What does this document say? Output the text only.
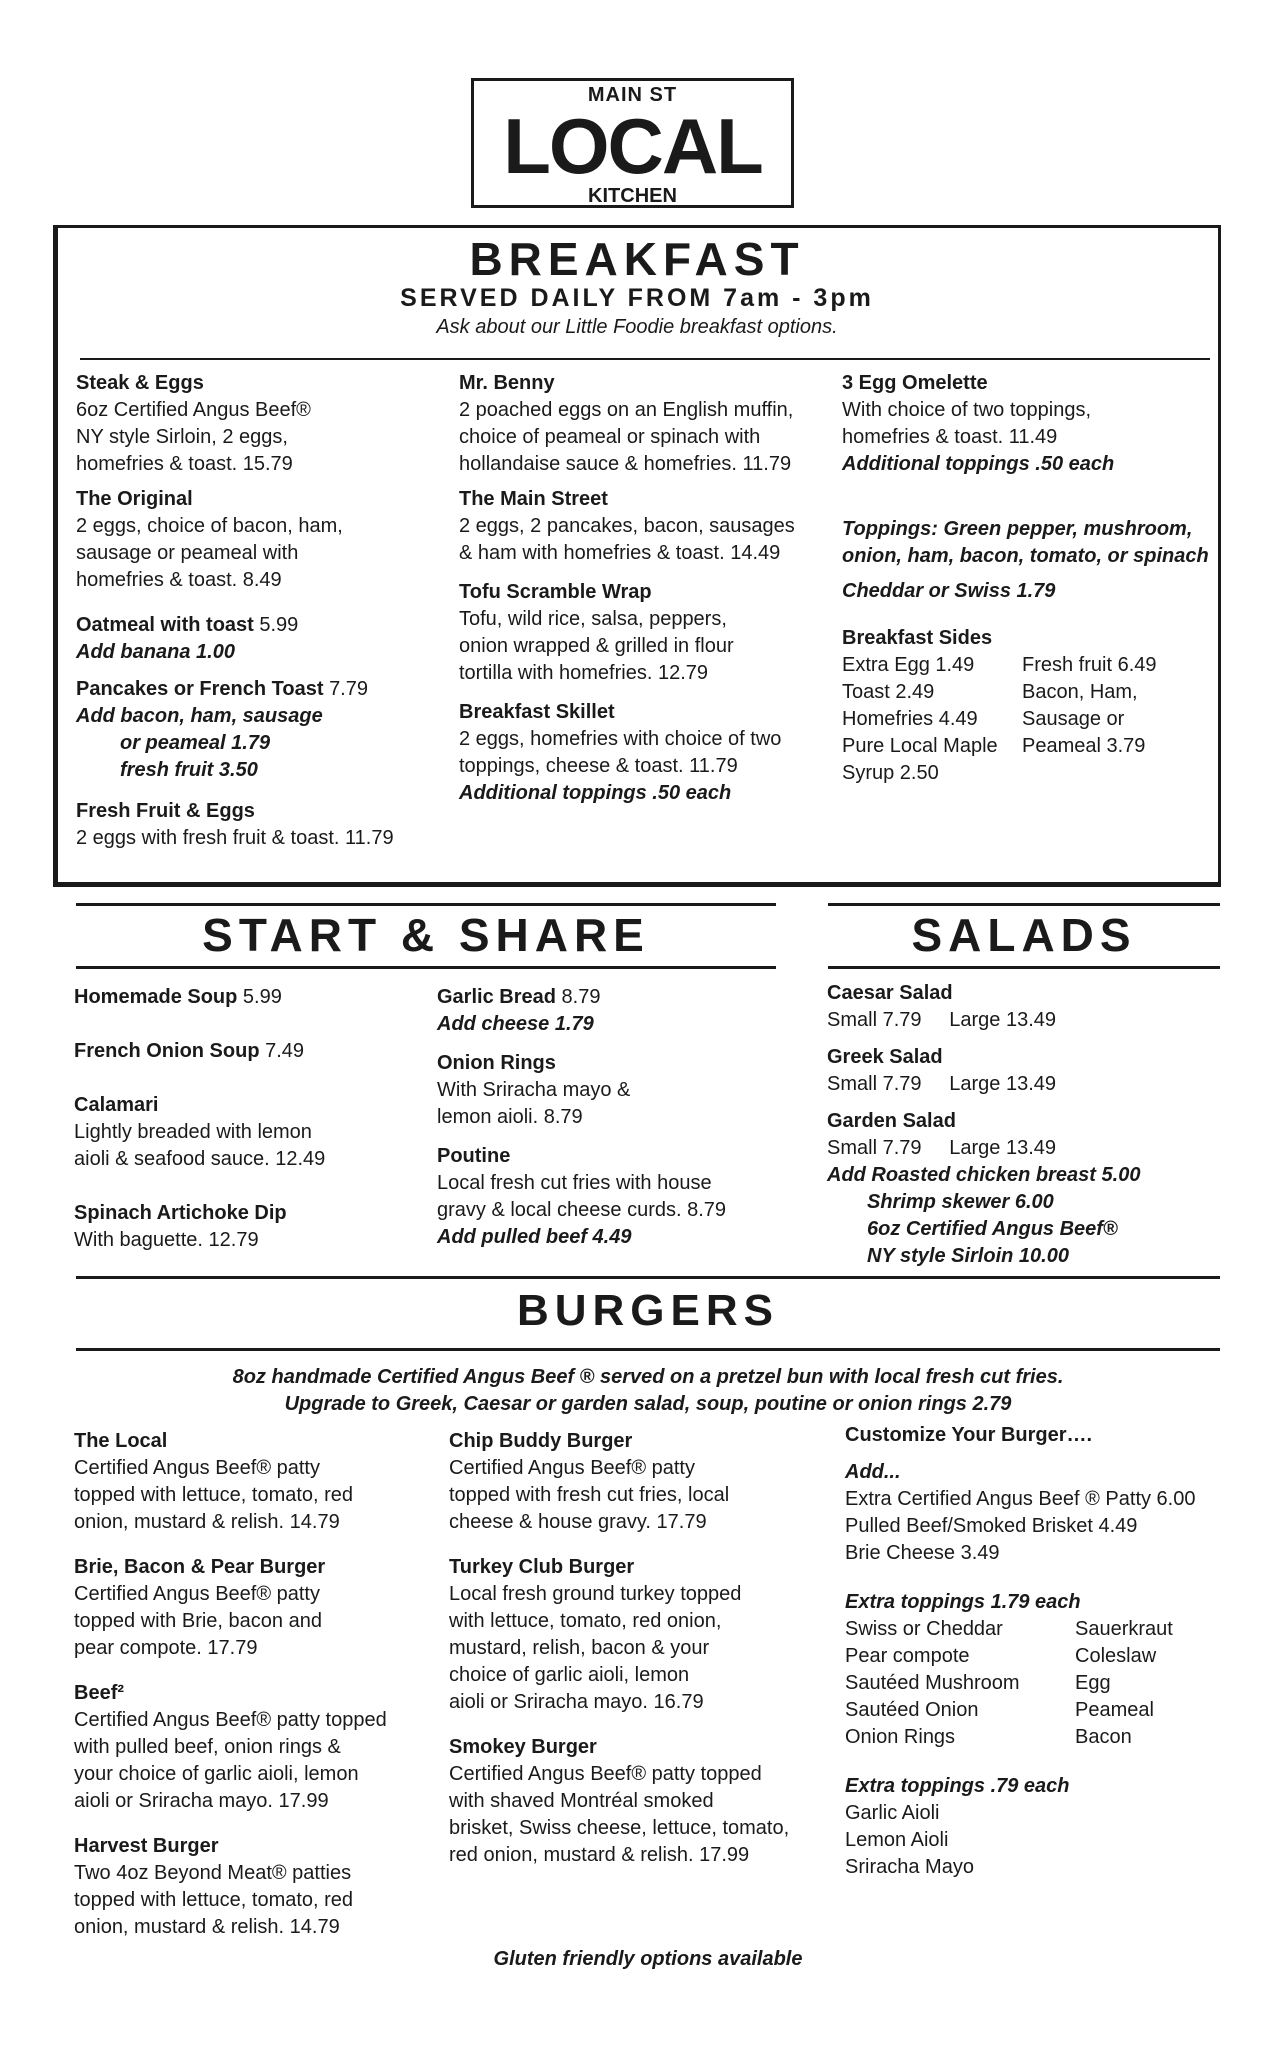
MAIN ST
LOCAL
KITCHEN
BREAKFAST
SERVED DAILY FROM 7am - 3pm
Ask about our Little Foodie breakfast options.
Steak & Eggs
6oz Certified Angus Beef®
NY style Sirloin, 2 eggs,
homefries & toast. 15.79
The Original
2 eggs, choice of bacon, ham,
sausage or peameal with
homefries & toast. 8.49
Oatmeal with toast 5.99
Add banana 1.00
Pancakes or French Toast 7.79
Add bacon, ham, sausage
or peameal 1.79
fresh fruit 3.50
Fresh Fruit & Eggs
2 eggs with fresh fruit & toast. 11.79
Mr. Benny
2 poached eggs on an English muffin,
choice of peameal or spinach with
hollandaise sauce & homefries. 11.79
The Main Street
2 eggs, 2 pancakes, bacon, sausages
& ham with homefries & toast. 14.49
Tofu Scramble Wrap
Tofu, wild rice, salsa, peppers,
onion wrapped & grilled in flour
tortilla with homefries. 12.79
Breakfast Skillet
2 eggs, homefries with choice of two
toppings, cheese & toast. 11.79
Additional toppings .50 each
3 Egg Omelette
With choice of two toppings,
homefries & toast. 11.49
Additional toppings .50 each
Toppings: Green pepper, mushroom,
onion, ham, bacon, tomato, or spinach
Cheddar or Swiss 1.79
Breakfast Sides
Extra Egg 1.49
Toast 2.49
Homefries 4.49
Pure Local Maple
Syrup 2.50
Fresh fruit 6.49
Bacon, Ham,
Sausage or
Peameal 3.79
START & SHARE
Homemade Soup 5.99
French Onion Soup 7.49
Calamari
Lightly breaded with lemon
aioli & seafood sauce. 12.49
Spinach Artichoke Dip
With baguette. 12.79
Garlic Bread 8.79
Add cheese 1.79
Onion Rings
With Sriracha mayo &
lemon aioli. 8.79
Poutine
Local fresh cut fries with house
gravy & local cheese curds. 8.79
Add pulled beef 4.49
SALADS
Caesar Salad
Small 7.79     Large 13.49
Greek Salad
Small 7.79     Large 13.49
Garden Salad
Small 7.79     Large 13.49
Add Roasted chicken breast 5.00
Shrimp skewer 6.00
6oz Certified Angus Beef®
NY style Sirloin 10.00
BURGERS
8oz handmade Certified Angus Beef ® served on a pretzel bun with local fresh cut fries.
Upgrade to Greek, Caesar or garden salad, soup, poutine or onion rings 2.79
The Local
Certified Angus Beef® patty
topped with lettuce, tomato, red
onion, mustard & relish. 14.79
Brie, Bacon & Pear Burger
Certified Angus Beef® patty
topped with Brie, bacon and
pear compote. 17.79
Beef²
Certified Angus Beef® patty topped
with pulled beef, onion rings &
your choice of garlic aioli, lemon
aioli or Sriracha mayo. 17.99
Harvest Burger
Two 4oz Beyond Meat® patties
topped with lettuce, tomato, red
onion, mustard & relish. 14.79
Chip Buddy Burger
Certified Angus Beef® patty
topped with fresh cut fries, local
cheese & house gravy. 17.79
Turkey Club Burger
Local fresh ground turkey topped
with lettuce, tomato, red onion,
mustard, relish, bacon & your
choice of garlic aioli, lemon
aioli or Sriracha mayo. 16.79
Smokey Burger
Certified Angus Beef® patty topped
with shaved Montréal smoked
brisket, Swiss cheese, lettuce, tomato,
red onion, mustard & relish. 17.99
Customize Your Burger….
Add...
Extra Certified Angus Beef ® Patty 6.00
Pulled Beef/Smoked Brisket 4.49
Brie Cheese 3.49
Extra toppings 1.79 each
Swiss or Cheddar
Pear compote
Sautéed Mushroom
Sautéed Onion
Onion Rings
Sauerkraut
Coleslaw
Egg
Peameal
Bacon
Extra toppings .79 each
Garlic Aioli
Lemon Aioli
Sriracha Mayo
Gluten friendly options available
